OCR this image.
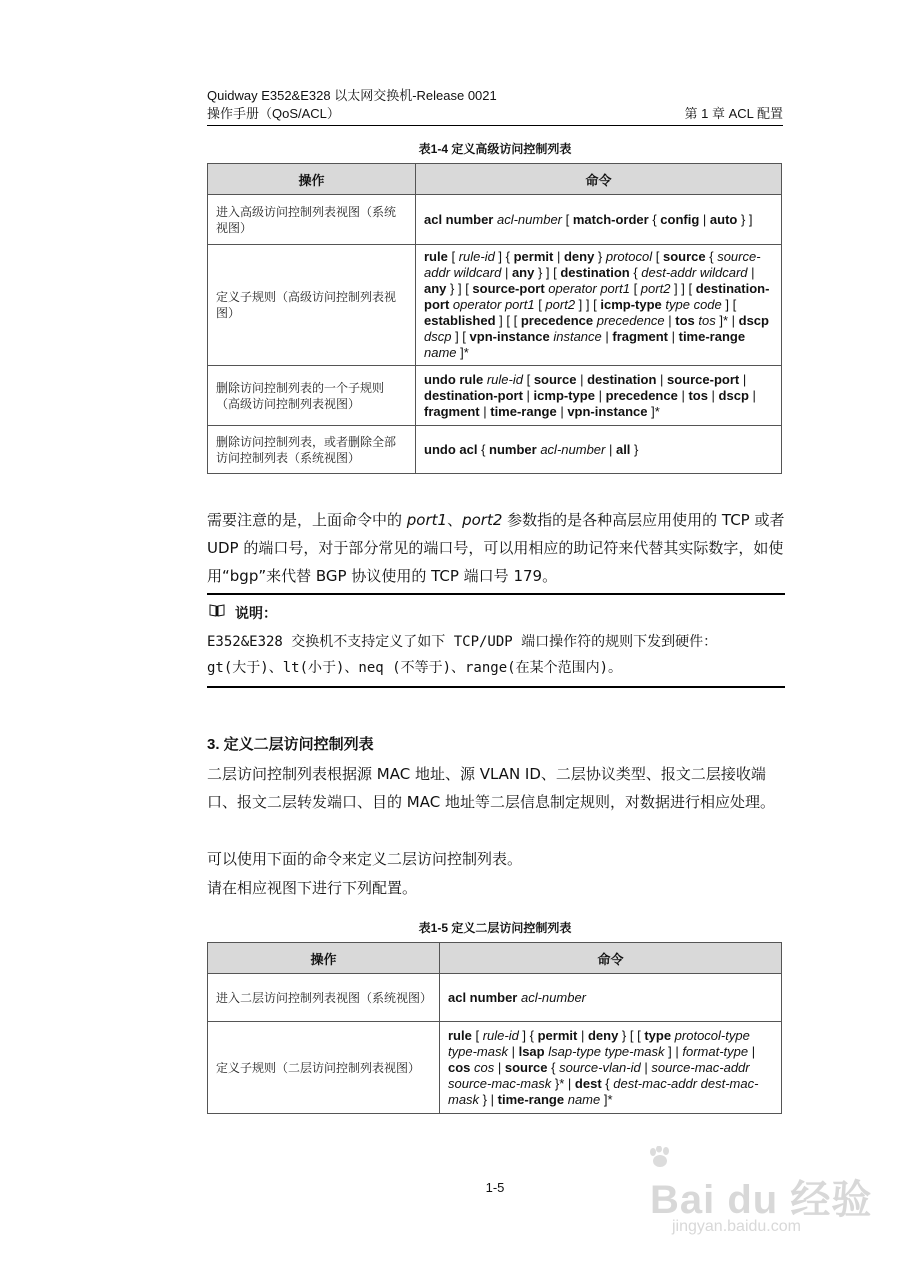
Quidway E352&E328 以太网交换机-Release 0021
操作手册（QoS/ACL）	第 1 章 ACL 配置
表1-4 定义高级访问控制列表
操作	命令
进入高级访问控制列表视图（系统视图）	acl number acl-number [ match-order { config | auto } ]
定义子规则（高级访问控制列表视图）	rule [ rule-id ] { permit | deny } protocol [ source { source-addr wildcard | any } ] [ destination { dest-addr wildcard | any } ] [ source-port operator port1 [ port2 ] ] [ destination-port operator port1 [ port2 ] ] [ icmp-type type code ] [ established ] [ [ precedence precedence | tos tos ]* | dscp dscp ] [ vpn-instance instance | fragment | time-range name ]*
删除访问控制列表的一个子规则（高级访问控制列表视图）	undo rule rule-id [ source | destination | source-port | destination-port | icmp-type | precedence | tos | dscp | fragment | time-range | vpn-instance ]*
删除访问控制列表，或者删除全部访问控制列表（系统视图）	undo acl { number acl-number | all }
需要注意的是，上面命令中的 port1、port2 参数指的是各种高层应用使用的 TCP 或者 UDP 的端口号，对于部分常见的端口号，可以用相应的助记符来代替其实际数字，如使用“bgp”来代替 BGP 协议使用的 TCP 端口号 179。
说明：
E352&E328 交换机不支持定义了如下 TCP/UDP 端口操作符的规则下发到硬件：
gt(大于)、lt(小于)、neq (不等于)、range(在某个范围内)。
3. 定义二层访问控制列表
二层访问控制列表根据源 MAC 地址、源 VLAN ID、二层协议类型、报文二层接收端口、报文二层转发端口、目的 MAC 地址等二层信息制定规则，对数据进行相应处理。
可以使用下面的命令来定义二层访问控制列表。
请在相应视图下进行下列配置。
表1-5 定义二层访问控制列表
操作	命令
进入二层访问控制列表视图（系统视图）	acl number acl-number
定义子规则（二层访问控制列表视图）	rule [ rule-id ] { permit | deny } [ [ type protocol-type type-mask | lsap lsap-type type-mask ] | format-type | cos cos | source { source-vlan-id | source-mac-addr source-mac-mask }* | dest { dest-mac-addr dest-mac-mask } | time-range name ]*
1-5	Bai du 经验
jingyan.baidu.com
